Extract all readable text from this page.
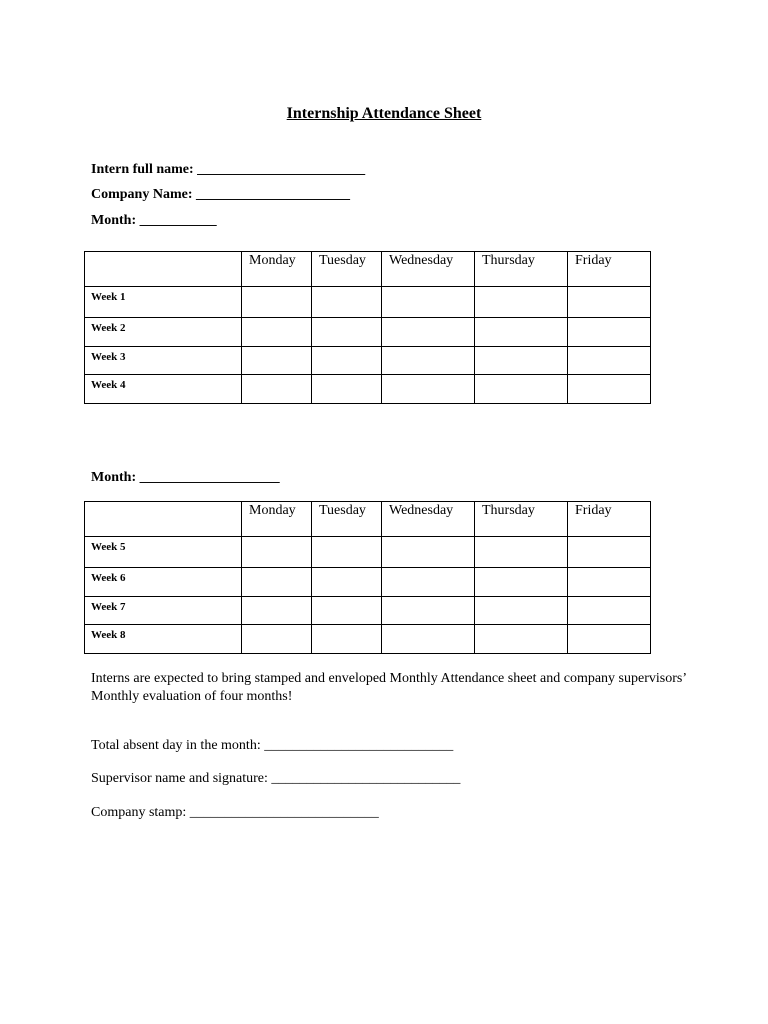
Internship Attendance Sheet
Intern full name: ________________________
Company Name: ______________________
Month: ___________
	Monday	Tuesday	Wednesday	Thursday	Friday
Week 1					
Week 2					
Week 3					
Week 4					
Month: ____________________
	Monday	Tuesday	Wednesday	Thursday	Friday
Week 5					
Week 6					
Week 7					
Week 8					
Interns are expected to bring stamped and enveloped Monthly Attendance sheet and company supervisors’ Monthly evaluation of four months!
Total absent day in the month: ___________________________
Supervisor name and signature: ___________________________
Company stamp: ___________________________
